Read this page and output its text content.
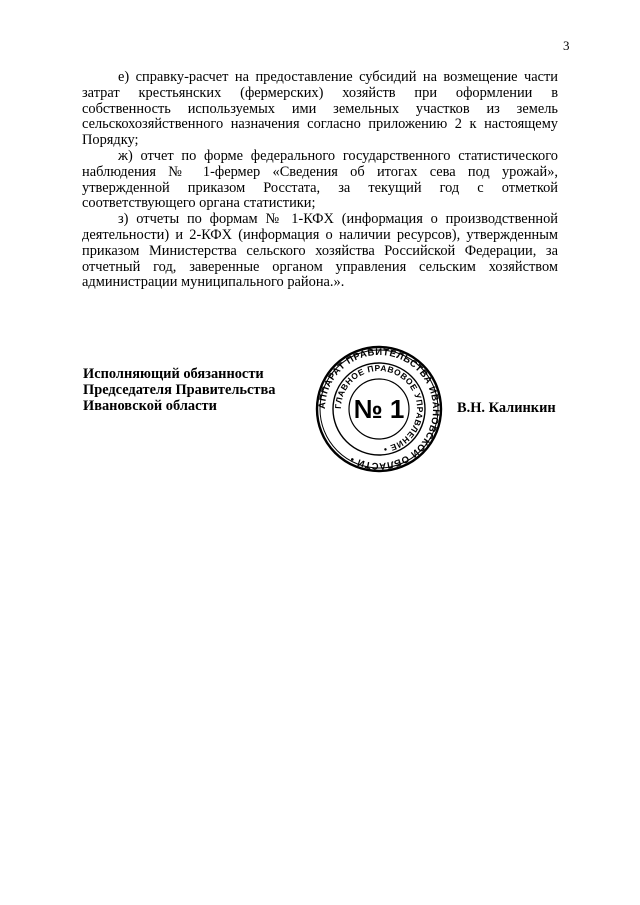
3

е) справку-расчет на предоставление субсидий на возмещение части затрат крестьянских (фермерских) хозяйств при оформлении в собственность используемых ими земельных участков из земель сельскохозяйственного назначения согласно приложению 2 к настоящему Порядку;

ж) отчет по форме федерального государственного статистического наблюдения № 1-фермер «Сведения об итогах сева под урожай», утвержденной приказом Росстата, за текущий год с отметкой соответствующего органа статистики;

з) отчеты по формам № 1-КФХ (информация о производственной деятельности) и 2-КФХ (информация о наличии ресурсов), утвержденным приказом Министерства сельского хозяйства Российской Федерации, за отчетный год, заверенные органом управления сельским хозяйством администрации муниципального района.».

Исполняющий обязанности
Председателя Правительства
Ивановской области	АППАРАТ ПРАВИТЕЛЬСТВА ИВАНОВСКОЙ ОБЛАСТИ •
ГЛАВНОЕ ПРАВОВОЕ УПРАВЛЕНИЕ •
№ 1	В.Н. Калинкин
